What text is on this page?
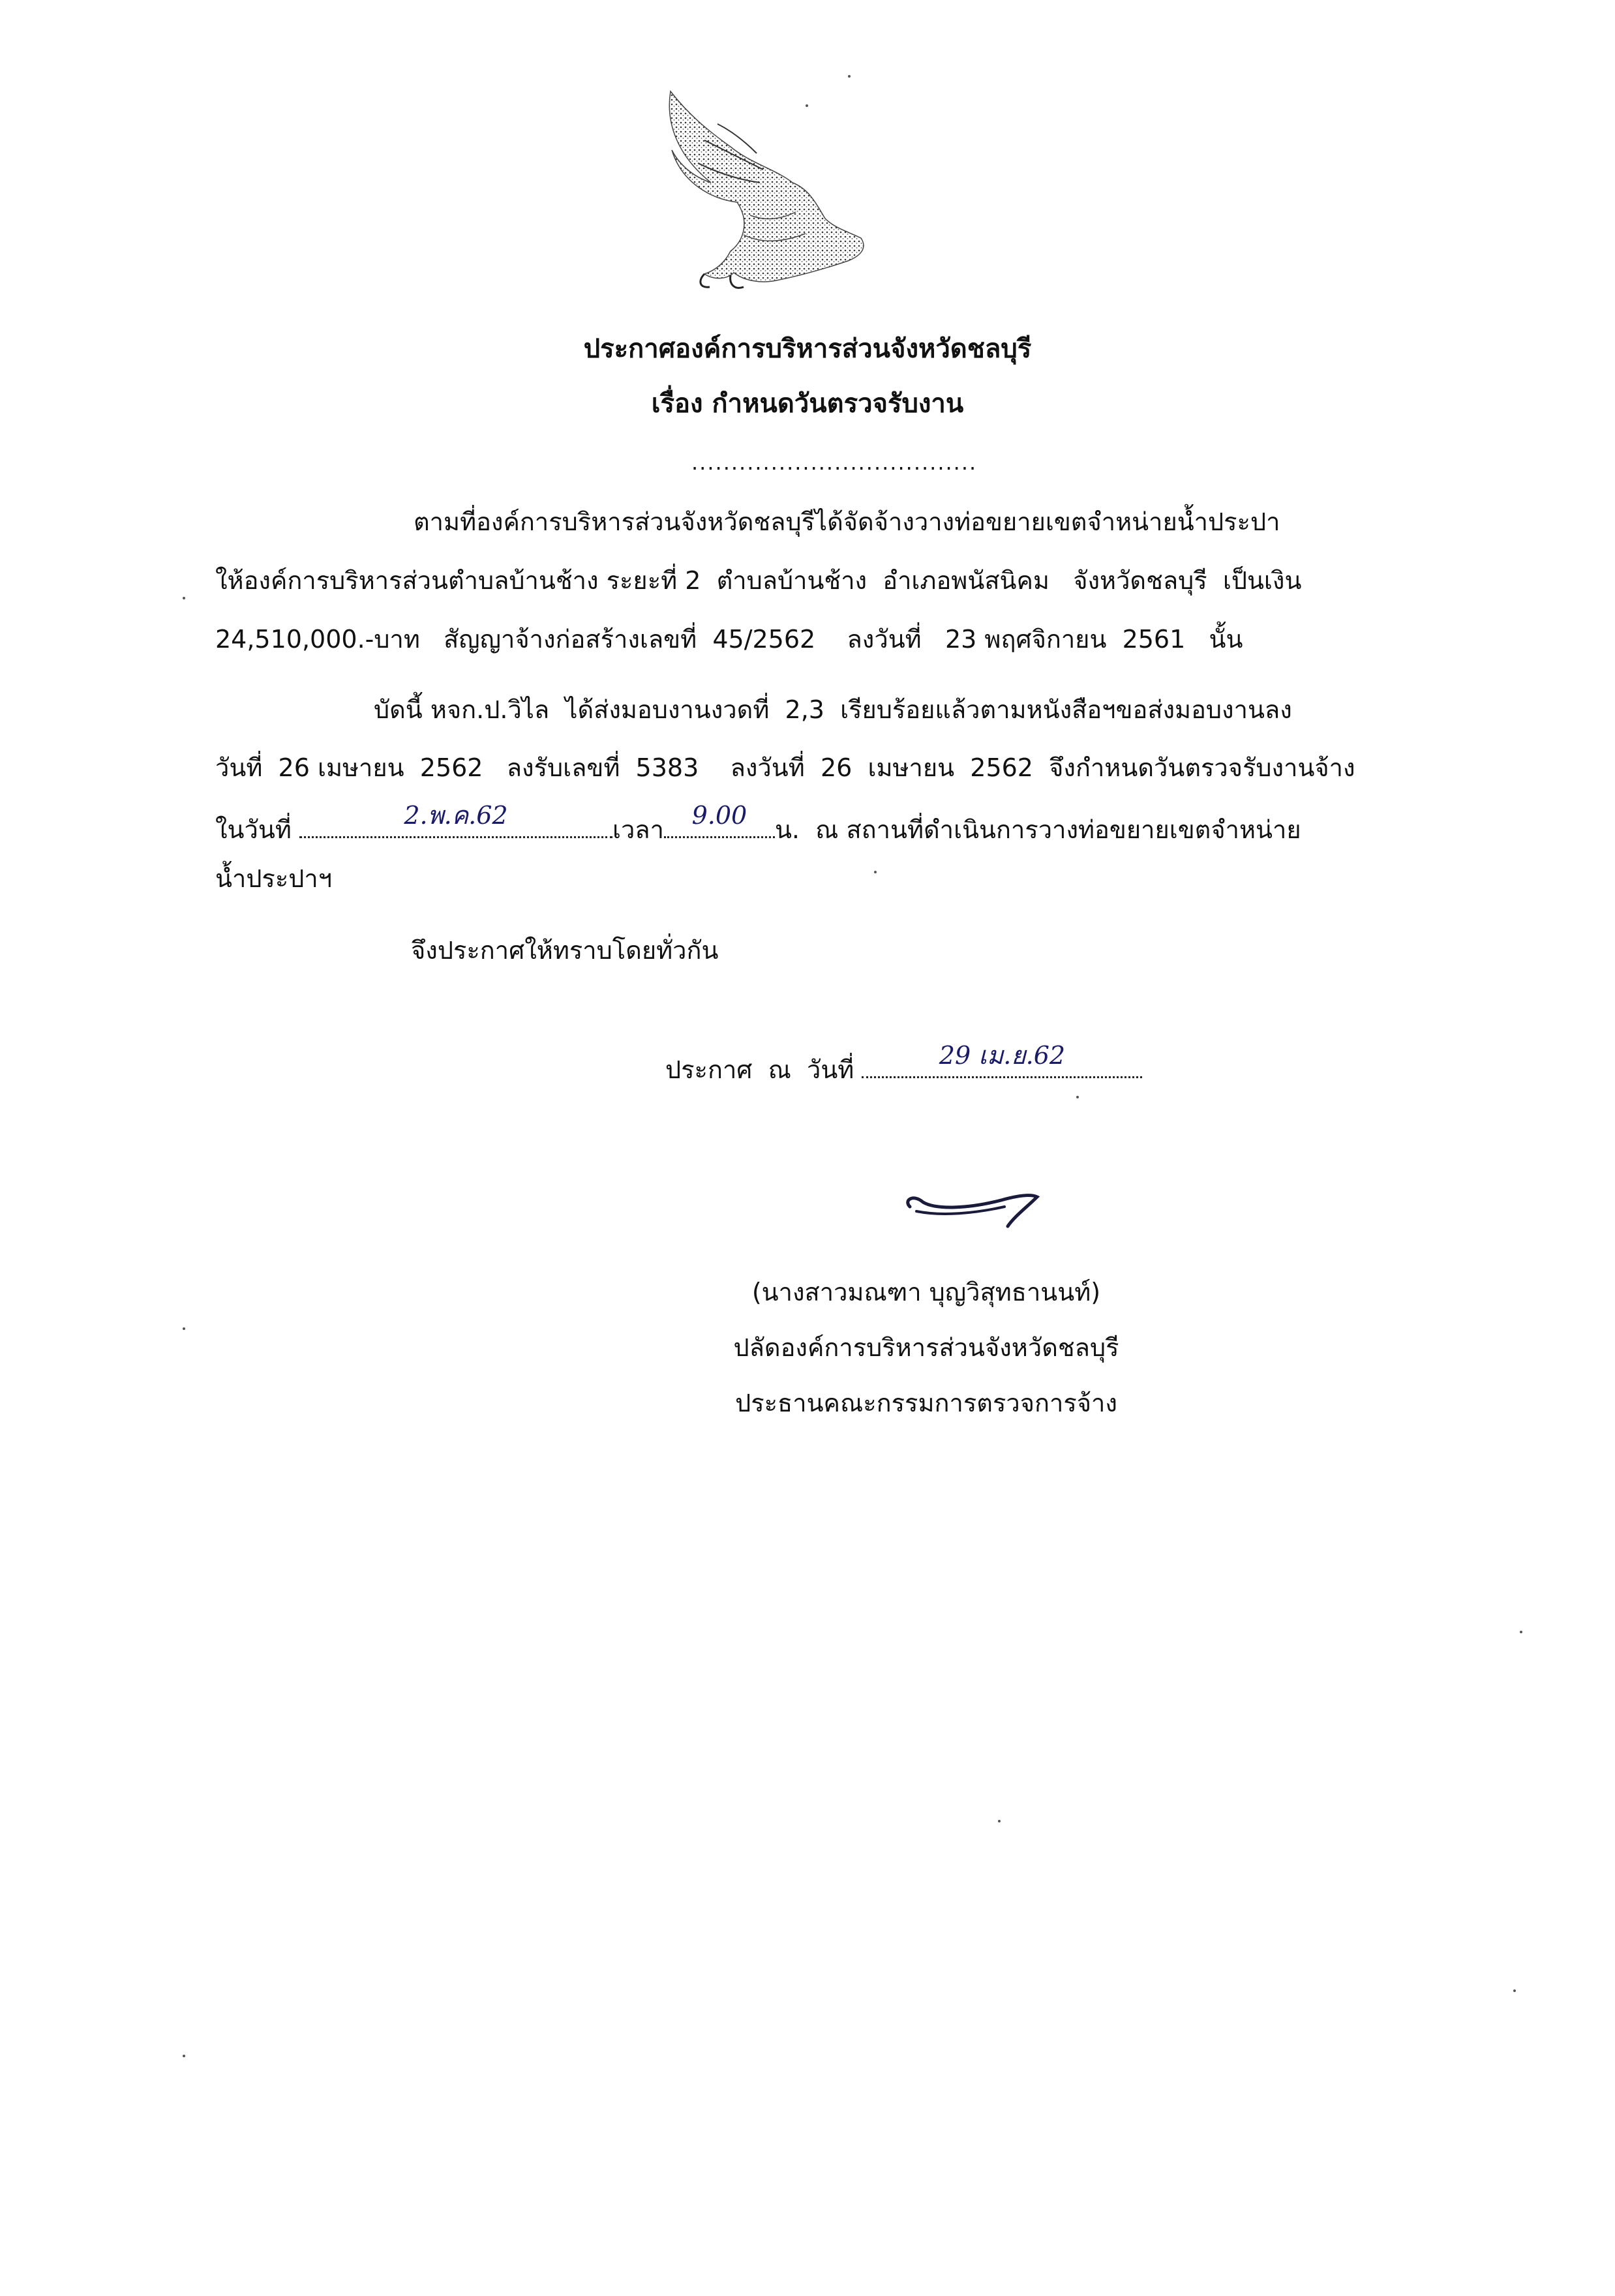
ประกาศองค์การบริหารส่วนจังหวัดชลบุรี
เรื่อง กำหนดวันตรวจรับงาน
....................................
ตามที่องค์การบริหารส่วนจังหวัดชลบุรีได้จัดจ้างวางท่อขยายเขตจำหน่ายน้ำประปา
ให้องค์การบริหารส่วนตำบลบ้านช้าง ระยะที่ 2  ตำบลบ้านช้าง  อำเภอพนัสนิคม   จังหวัดชลบุรี  เป็นเงิน
24,510,000.-บาท   สัญญาจ้างก่อสร้างเลขที่  45/2562    ลงวันที่   23 พฤศจิกายน  2561   นั้น
บัดนี้ หจก.ป.วิไล  ได้ส่งมอบงานงวดที่  2,3  เรียบร้อยแล้วตามหนังสือฯขอส่งมอบงานลง
วันที่  26 เมษายน  2562   ลงรับเลขที่  5383    ลงวันที่  26  เมษายน  2562  จึงกำหนดวันตรวจรับงานจ้าง
ในวันที่	2.พ.ค.62	เวลา	9.00	น.  ณ สถานที่ดำเนินการวางท่อขยายเขตจำหน่าย
น้ำประปาฯ
จึงประกาศให้ทราบโดยทั่วกัน
ประกาศ  ณ  วันที่	29 เม.ย.62
(นางสาวมณฑา บุญวิสุทธานนท์)
ปลัดองค์การบริหารส่วนจังหวัดชลบุรี
ประธานคณะกรรมการตรวจการจ้าง
